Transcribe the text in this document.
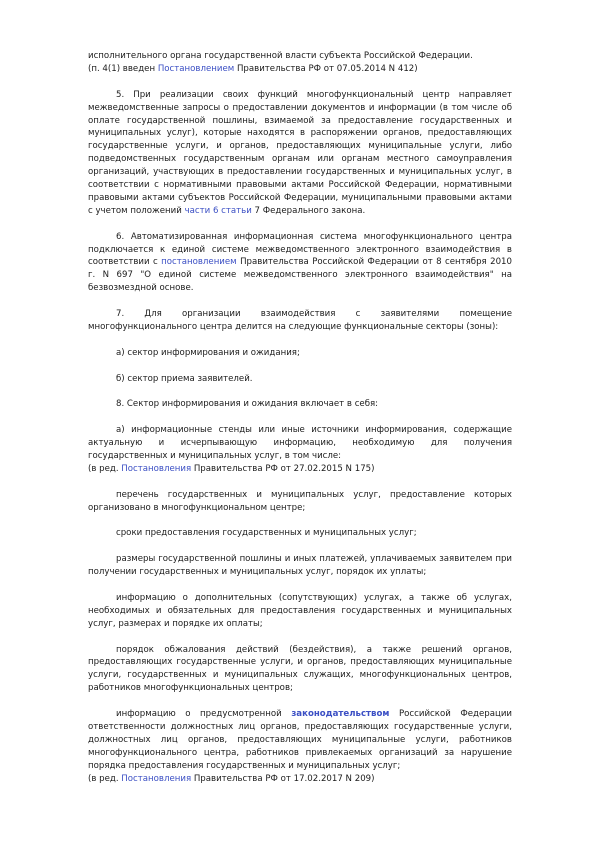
исполнительного органа государственной власти субъекта Российской Федерации.

(п. 4(1) введен Постановлением Правительства РФ от 07.05.2014 N 412)

5. При реализации своих функций многофункциональный центр направляет межведомственные запросы о предоставлении документов и информации (в том числе об оплате государственной пошлины, взимаемой за предоставление государственных и муниципальных услуг), которые находятся в распоряжении органов, предоставляющих государственные услуги, и органов, предоставляющих муниципальные услуги, либо подведомственных государственным органам или органам местного самоуправления организаций, участвующих в предоставлении государственных и муниципальных услуг, в соответствии с нормативными правовыми актами Российской Федерации, нормативными правовыми актами субъектов Российской Федерации, муниципальными правовыми актами с учетом положений части 6 статьи 7 Федерального закона.

6. Автоматизированная информационная система многофункционального центра подключается к единой системе межведомственного электронного взаимодействия в соответствии с постановлением Правительства Российской Федерации от 8 сентября 2010 г. N 697 "О единой системе межведомственного электронного взаимодействия" на безвозмездной основе.

7. Для организации взаимодействия с заявителями помещение многофункционального центра делится на следующие функциональные секторы (зоны):

а) сектор информирования и ожидания;

б) сектор приема заявителей.

8. Сектор информирования и ожидания включает в себя:

а) информационные стенды или иные источники информирования, содержащие актуальную и исчерпывающую информацию, необходимую для получения государственных и муниципальных услуг, в том числе:

(в ред. Постановления Правительства РФ от 27.02.2015 N 175)

перечень государственных и муниципальных услуг, предоставление которых организовано в многофункциональном центре;

сроки предоставления государственных и муниципальных услуг;

размеры государственной пошлины и иных платежей, уплачиваемых заявителем при получении государственных и муниципальных услуг, порядок их уплаты;

информацию о дополнительных (сопутствующих) услугах, а также об услугах, необходимых и обязательных для предоставления государственных и муниципальных услуг, размерах и порядке их оплаты;

порядок обжалования действий (бездействия), а также решений органов, предоставляющих государственные услуги, и органов, предоставляющих муниципальные услуги, государственных и муниципальных служащих, многофункциональных центров, работников многофункциональных центров;

информацию о предусмотренной законодательством Российской Федерации ответственности должностных лиц органов, предоставляющих государственные услуги, должностных лиц органов, предоставляющих муниципальные услуги, работников многофункционального центра, работников привлекаемых организаций за нарушение порядка предоставления государственных и муниципальных услуг;

(в ред. Постановления Правительства РФ от 17.02.2017 N 209)
